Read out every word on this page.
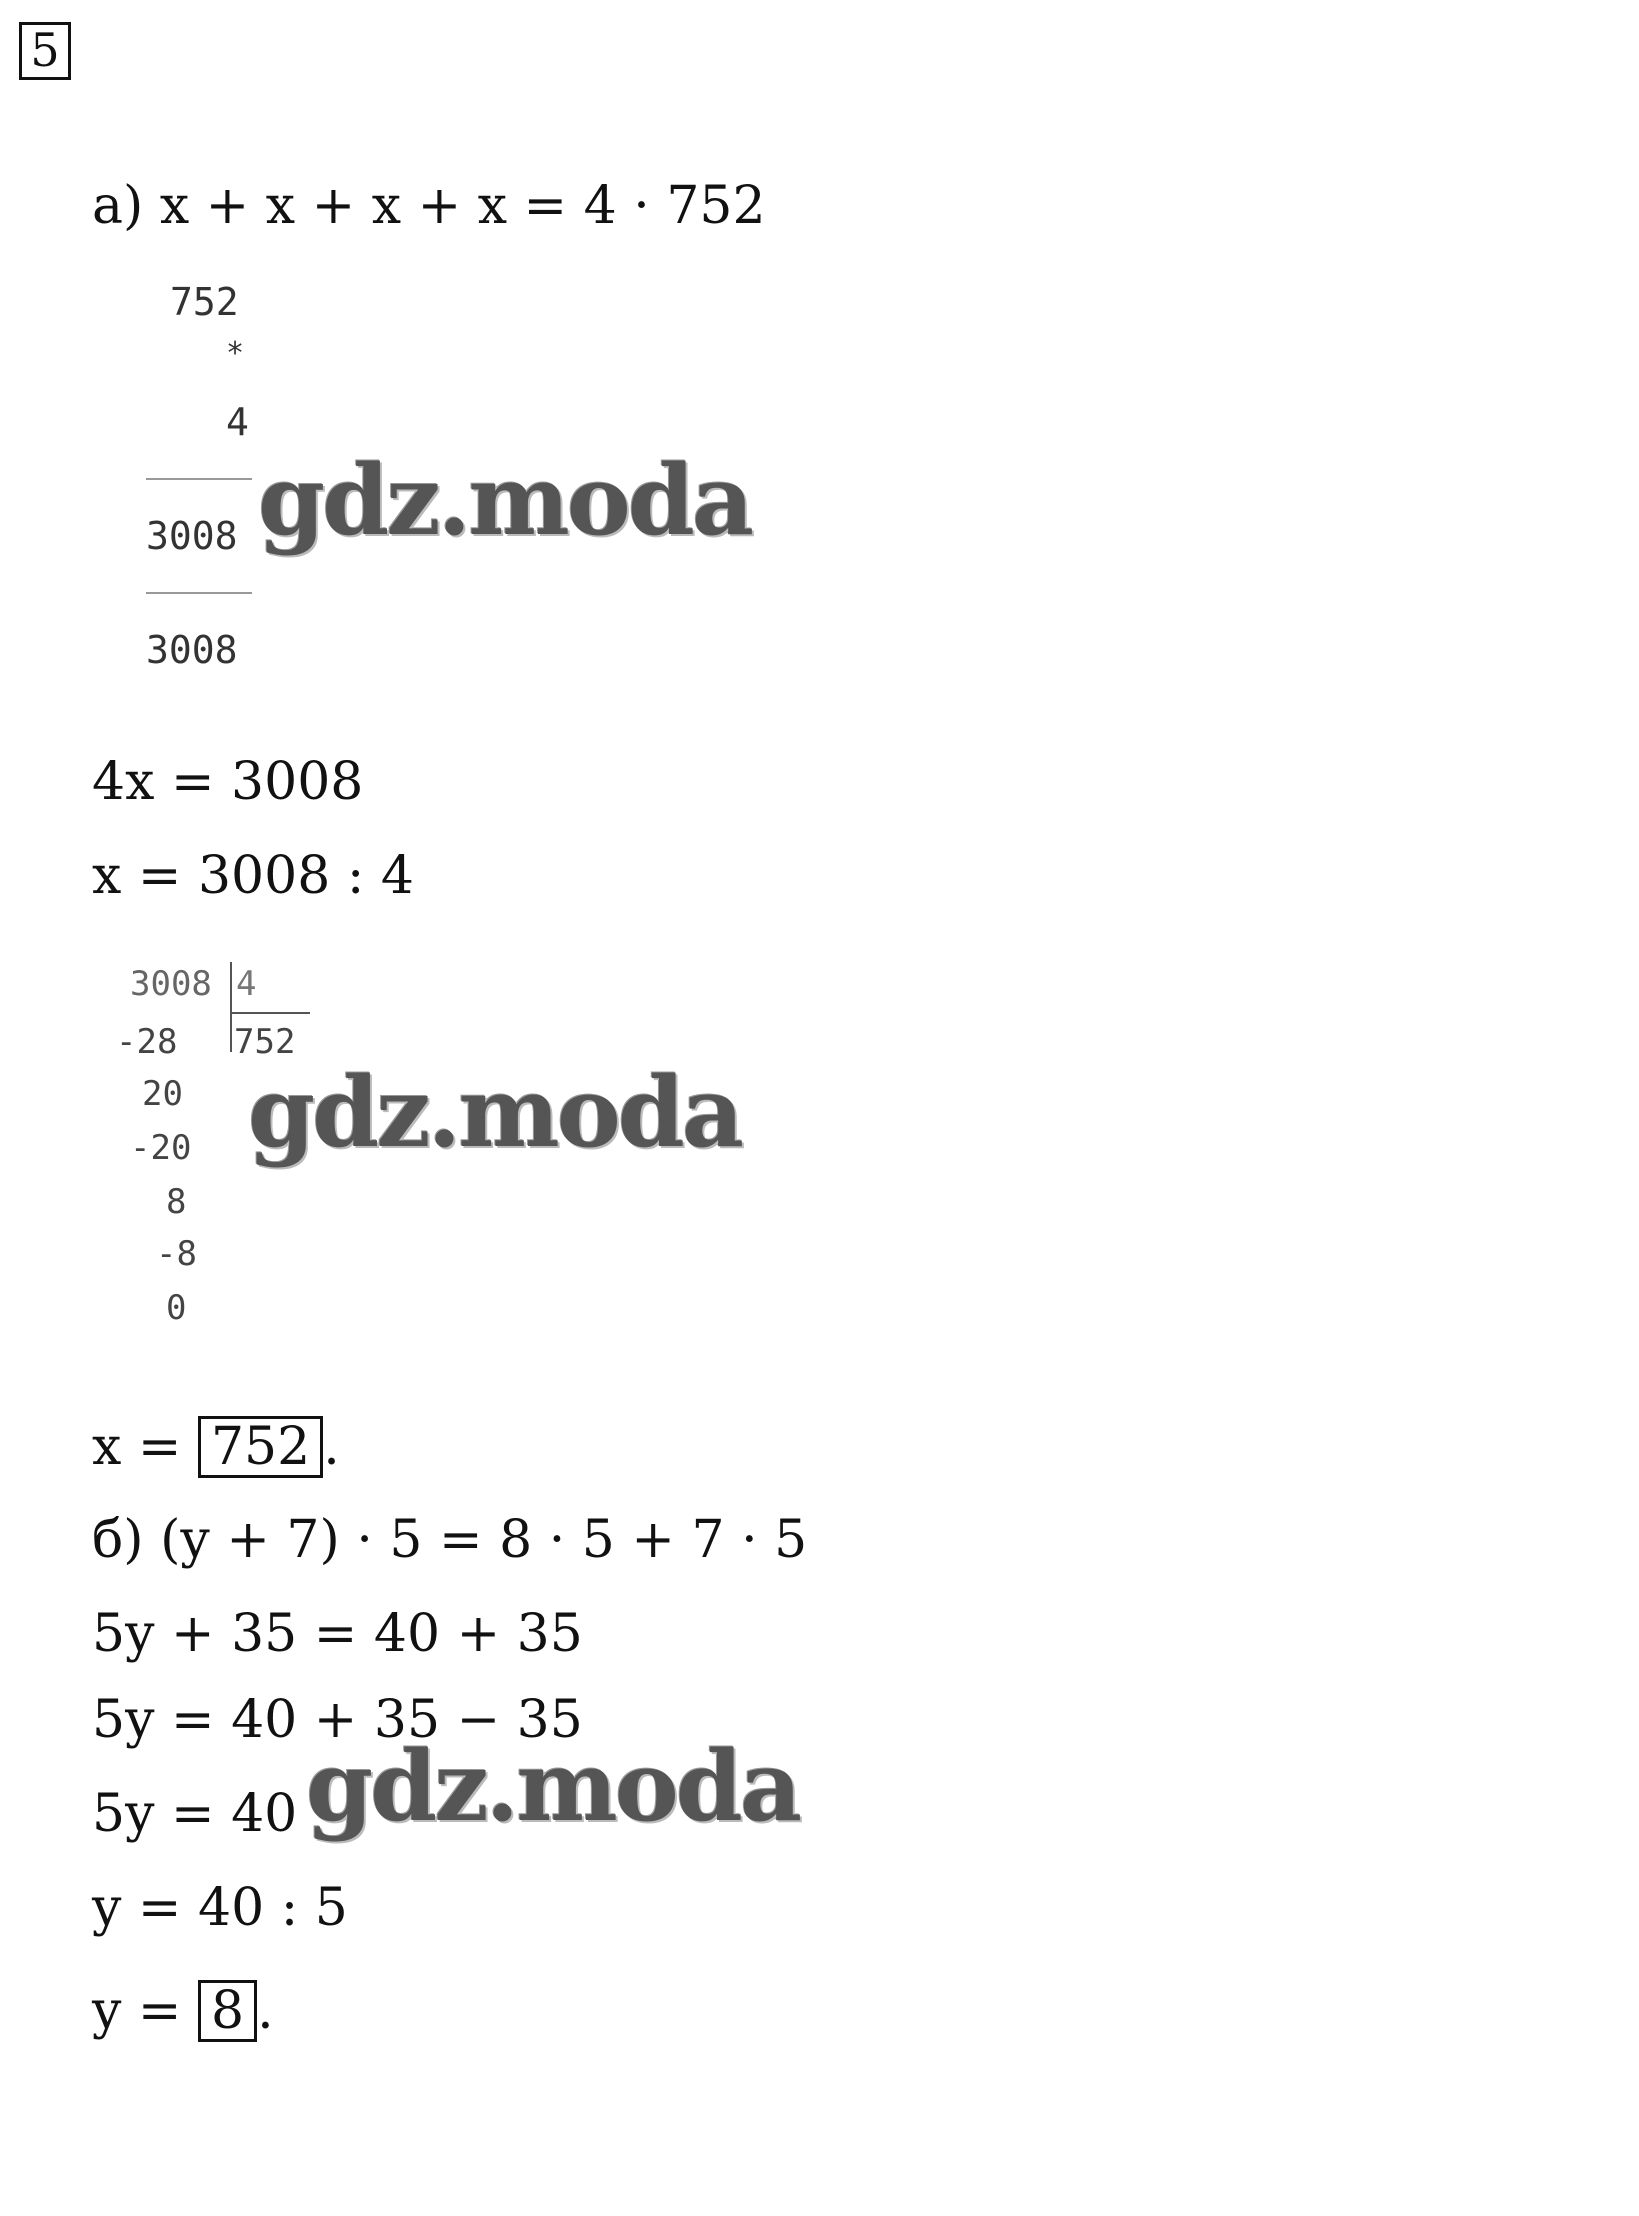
5
а) x + x + x + x = 4 · 752
752
*
4
3008
3008
gdz.moda
4x = 3008
x = 3008 : 4
3008 4
752
-28
20
-20
8
-8
0
gdz.moda
x = 752 .
б) (y + 7) · 5 = 8 · 5 + 7 · 5
5y + 35 = 40 + 35
5y = 40 + 35 − 35
5y = 40 gdz.moda
y = 40 : 5
y = 8 .
